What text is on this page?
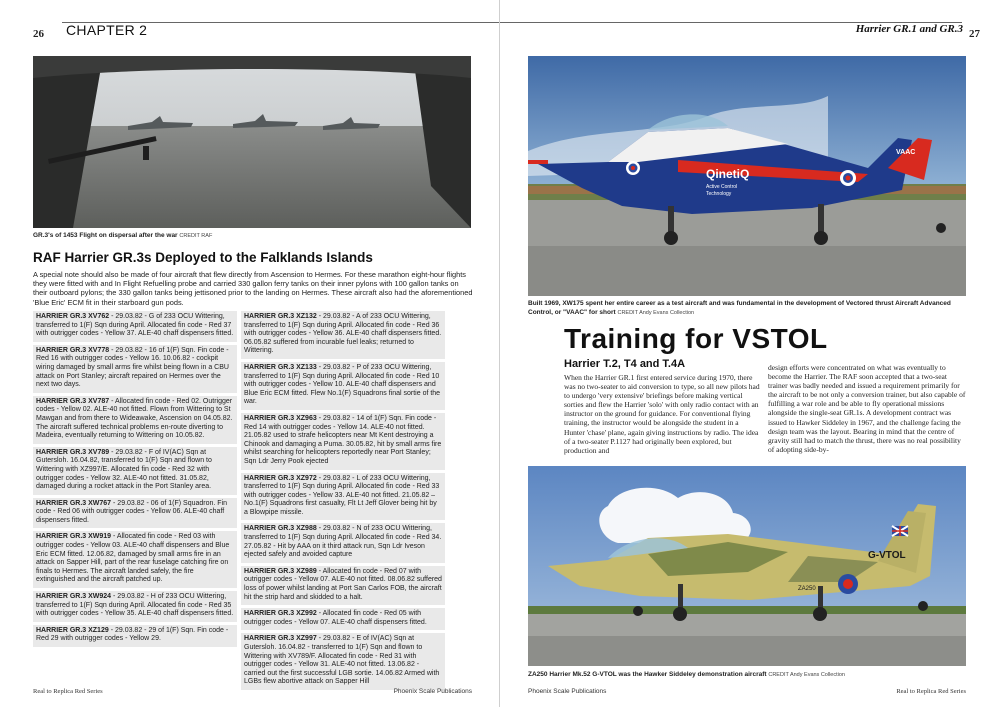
26 CHAPTER 2
GR.3's of 1453 Flight on dispersal after the war CREDIT RAF
RAF Harrier GR.3s Deployed to the Falklands Islands
A special note should also be made of four aircraft that flew directly from Ascension to Hermes. For these marathon eight-hour flights they were fitted with and In Flight Refuelling probe and carried 330 gallon ferry tanks on their inner pylons with 100 gallon tanks on their outboard pylons; the 330 gallon tanks being jettisoned prior to the landing on Hermes. These aircraft also had the aforementioned 'Blue Eric' ECM fit in their starboard gun pods.
HARRIER GR.3 XV762 - 29.03.82 - G of 233 OCU Wittering, transferred to 1(F) Sqn during April. Allocated fin code - Red 37 with outrigger codes - Yellow 37. ALE-40 chaff dispensers fitted.
HARRIER GR.3 XV778 - 29.03.82 - 16 of 1(F) Sqn. Fin code - Red 16 with outrigger codes - Yellow 16. 10.06.82 - cockpit wiring damaged by small arms fire whilst being flown in a CBU attack on Port Stanley; aircraft repaired on Hermes over the next two days.
HARRIER GR.3 XV787 - Allocated fin code - Red 02. Outrigger codes - Yellow 02. ALE-40 not fitted. Flown from Wittering to St Mawgan and from there to Wideawake, Ascension on 04.05.82. The aircraft suffered technical problems en-route diverting to Madeira, eventually returning to Wittering on 10.05.82.
HARRIER GR.3 XV789 - 29.03.82 - F of IV(AC) Sqn at Gutersloh. 16.04.82, transferred to 1(F) Sqn and flown to Wittering with XZ997/E. Allocated fin code - Red 32 with outrigger codes - Yellow 32. ALE-40 not fitted. 31.05.82, damaged during a rocket attack in the Port Stanley area.
HARRIER GR.3 XW767 - 29.03.82 - 06 of 1(F) Squadron. Fin code - Red 06 with outrigger codes - Yellow 06. ALE-40 chaff dispensers fitted.
HARRIER GR.3 XW919 - Allocated fin code - Red 03 with outrigger codes - Yellow 03. ALE-40 chaff dispensers and Blue Eric ECM fitted. 12.06.82, damaged by small arms fire in an attack on Sapper Hill, part of the rear fuselage catching fire on finals to Hermes. The aircraft landed safely, the fire extinguished and the aircraft patched up.
HARRIER GR.3 XW924 - 29.03.82 - H of 233 OCU Wittering, transferred to 1(F) Sqn during April. Allocated fin code - Red 35 with outrigger codes - Yellow 35. ALE-40 chaff dispensers fitted.
HARRIER GR.3 XZ129 - 29.03.82 - 29 of 1(F) Sqn. Fin code - Red 29 with outrigger codes - Yellow 29.
HARRIER GR.3 XZ132 - 29.03.82 - A of 233 OCU Wittering, transferred to 1(F) Sqn during April. Allocated fin code - Red 36 with outrigger codes - Yellow 36. ALE-40 chaff dispensers fitted. 06.05.82 suffered from incurable fuel leaks; returned to Wittering.
HARRIER GR.3 XZ133 - 29.03.82 - P of 233 OCU Wittering, transferred to 1(F) Sqn during April. Allocated fin code - Red 10 with outrigger codes - Yellow 10. ALE-40 chaff dispensers and Blue Eric ECM fitted. Flew No.1(F) Squadrons final sortie of the war.
HARRIER GR.3 XZ963 - 29.03.82 - 14 of 1(F) Sqn. Fin code - Red 14 with outrigger codes - Yellow 14. ALE-40 not fitted. 21.05.82 used to strafe helicopters near Mt Kent destroying a Chinook and damaging a Puma. 30.05.82, hit by small arms fire whilst searching for helicopters reportedly near Port Stanley; Sqn Ldr Jerry Pook ejected
HARRIER GR.3 XZ972 - 29.03.82 - L of 233 OCU Wittering, transferred to 1(F) Sqn during April. Allocated fin code - Red 33 with outrigger codes - Yellow 33. ALE-40 not fitted. 21.05.82 – No.1(F) Squadrons first casualty, Flt Lt Jeff Glover being hit by a Blowpipe missile.
HARRIER GR.3 XZ988 - 29.03.82 - N of 233 OCU Wittering, transferred to 1(F) Sqn during April. Allocated fin code - Red 34. 27.05.82 - Hit by AAA on it third attack run, Sqn Ldr Iveson ejected safely and avoided capture
HARRIER GR.3 XZ989 - Allocated fin code - Red 07 with outrigger codes - Yellow 07. ALE-40 not fitted. 08.06.82 suffered loss of power whilst landing at Port San Carlos FOB, the aircraft hit the strip hard and skidded to a halt.
HARRIER GR.3 XZ992 - Allocated fin code - Red 05 with outrigger codes - Yellow 07. ALE-40 chaff dispensers fitted.
HARRIER GR.3 XZ997 - 29.03.82 - E of IV(AC) Sqn at Gutersloh. 16.04.82 - transferred to 1(F) Sqn and flown to Wittering with XV789/F. Allocated fin code - Red 31 with outrigger codes - Yellow 31. ALE-40 not fitted. 13.06.82 - carried out the first successful LGB sortie. 14.06.82 Armed with LGBs flew abortive attack on Sapper Hill
Real to Replica Red Series	Phoenix Scale Publications
Harrier GR.1 and GR.3 27
QinetiQ
Active Control
Technology
VAAC
Built 1969, XW175 spent her entire career as a test aircraft and was fundamental in the development of Vectored thrust Aircraft Advanced Control, or "VAAC" for short CREDIT Andy Evans Collection
Training for VSTOL
Harrier T.2, T4 and T.4A
When the Harrier GR.1 first entered service during 1970, there was no two-seater to aid conversion to type, so all new pilots had to undergo 'very extensive' briefings before making vertical sorties and flew the Harrier 'solo' with only radio contact with an instructor on the ground for guidance. For conventional flying training, the instructor would be alongside the student in a Hunter 'chase' plane, again giving instructions by radio. The idea of a two-seater P.1127 had originally been explored, but production and
design efforts were concentrated on what was eventually to become the Harrier. The RAF soon accepted that a two-seat trainer was badly needed and issued a requirement primarily for the aircraft to be not only a conversion trainer, but also capable of fulfilling a war role and be able to fly operational missions alongside the single-seat GR.1s. A development contract was issued to Hawker Siddeley in 1967, and the challenge facing the design team was the layout. Bearing in mind that the centre of gravity still had to match the thrust, there was no real possibility of adopting side-by-
G-VTOL
ZA250
ZA250 Harrier Mk.52 G-VTOL was the Hawker Siddeley demonstration aircraft CREDIT Andy Evans Collection
Phoenix Scale Publications	Real to Replica Red Series
